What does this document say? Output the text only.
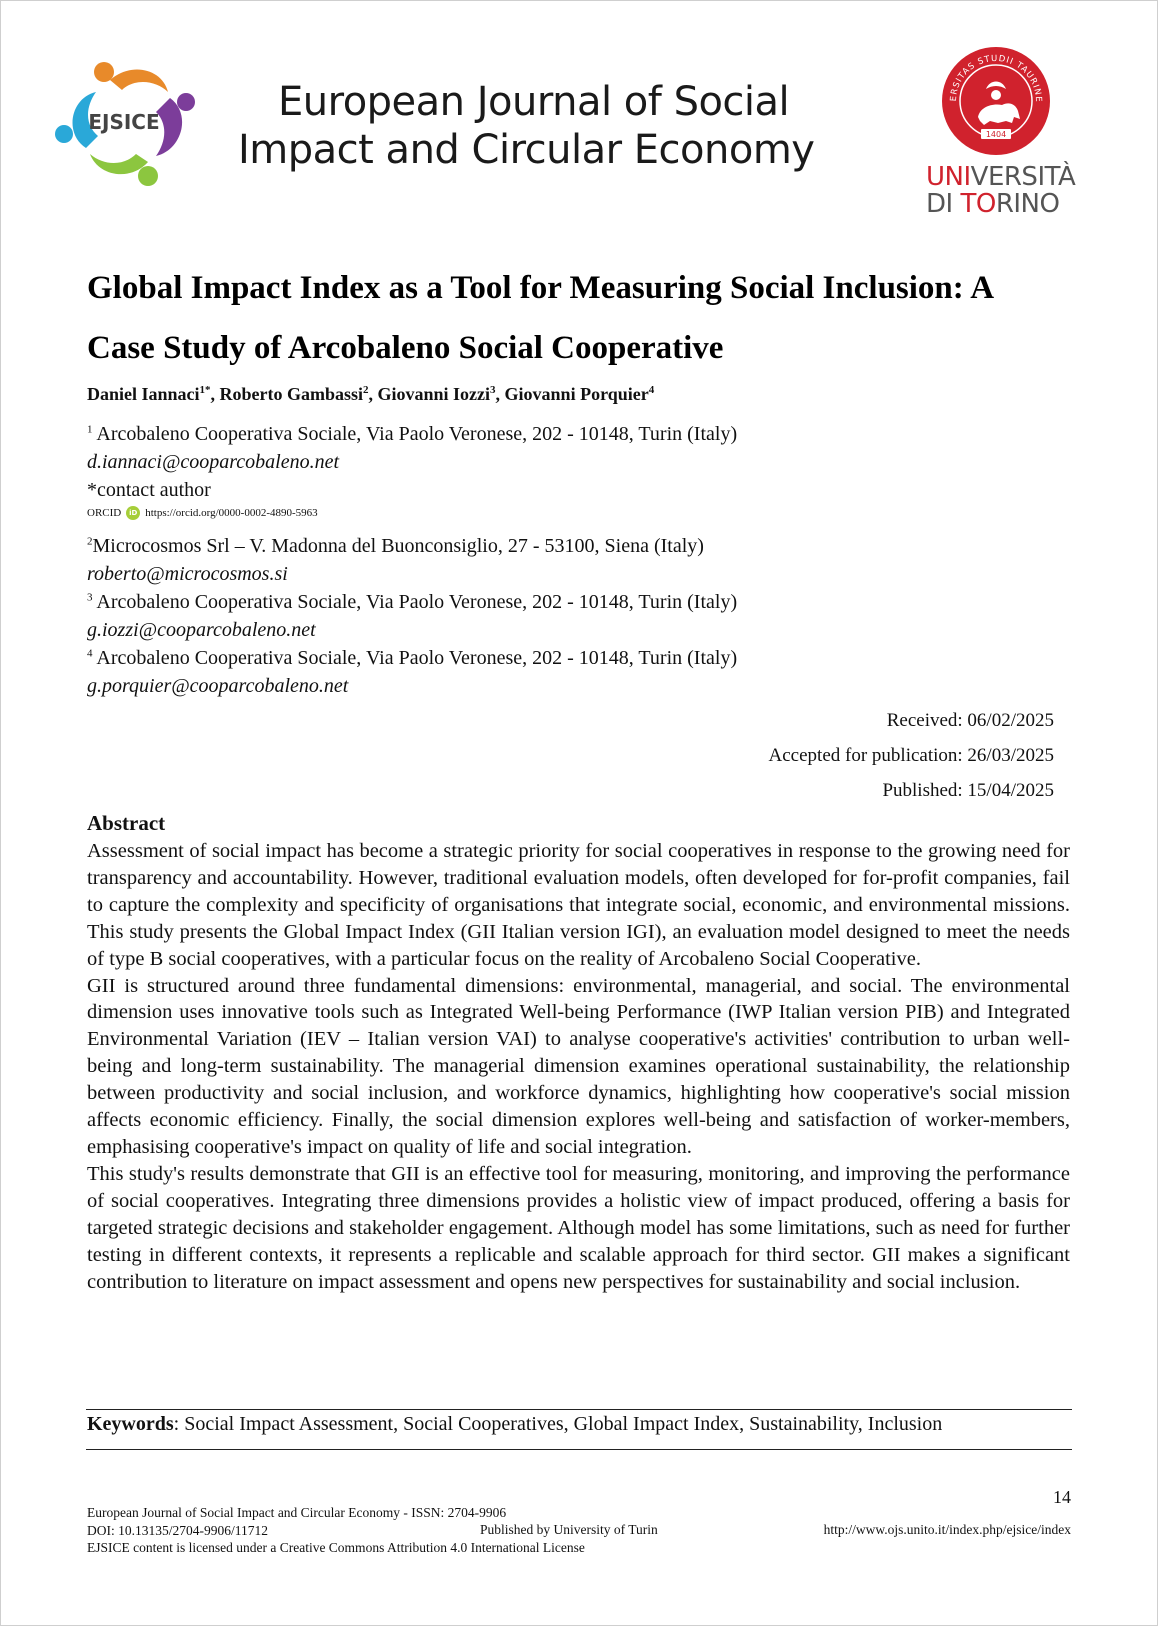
EJSICE	European Journal of Social
Impact and Circular Economy
ERSITAS STUDII TAURINE
1404
UNIVERSITÀ
DI TORINO
Global Impact Index as a Tool for Measuring Social Inclusion: A
Case Study of Arcobaleno Social Cooperative
Daniel Iannaci$^{1*}$, Roberto Gambassi$^2$, Giovanni Iozzi$^3$, Giovanni Porquier$^4$
$^1$ Arcobaleno Cooperativa Sociale, Via Paolo Veronese, 202 - 10148, Turin (Italy)
d.iannaci@cooparcobaleno.net
*contact author
ORCID	iD https://orcid.org/0000-0002-4890-5963
$^2$Microcosmos Srl – V. Madonna del Buonconsiglio, 27 - 53100, Siena (Italy)
roberto@microcosmos.si
$^3$ Arcobaleno Cooperativa Sociale, Via Paolo Veronese, 202 - 10148, Turin (Italy)
g.iozzi@cooparcobaleno.net
$^4$ Arcobaleno Cooperativa Sociale, Via Paolo Veronese, 202 - 10148, Turin (Italy)
g.porquier@cooparcobaleno.net
Received: 06/02/2025
Accepted for publication: 26/03/2025
Published: 15/04/2025
Abstract

Assessment of social impact has become a strategic priority for social cooperatives in response to the growing need for transparency and accountability. However, traditional evaluation models, often developed for for-profit companies, fail to capture the complexity and specificity of organisations that integrate social, economic, and environmental missions. This study presents the Global Impact Index (GII Italian version IGI), an evaluation model designed to meet the needs of type B social cooperatives, with a particular focus on the reality of Arcobaleno Social Cooperative.

GII is structured around three fundamental dimensions: environmental, managerial, and social. The environmental dimension uses innovative tools such as Integrated Well-being Performance (IWP Italian version PIB) and Integrated Environmental Variation (IEV – Italian version VAI) to analyse cooperative's activities' contribution to urban well-being and long-term sustainability. The managerial dimension examines operational sustainability, the relationship between productivity and social inclusion, and workforce dynamics, highlighting how cooperative's social mission affects economic efficiency. Finally, the social dimension explores well-being and satisfaction of worker-members, emphasising cooperative's impact on quality of life and social integration.

This study's results demonstrate that GII is an effective tool for measuring, monitoring, and improving the performance of social cooperatives. Integrating three dimensions provides a holistic view of impact produced, offering a basis for targeted strategic decisions and stakeholder engagement. Although model has some limitations, such as need for further testing in different contexts, it represents a replicable and scalable approach for third sector. GII makes a significant contribution to literature on impact assessment and opens new perspectives for sustainability and social inclusion.

Keywords: Social Impact Assessment, Social Cooperatives, Global Impact Index, Sustainability, Inclusion
14
European Journal of Social Impact and Circular Economy - ISSN: 2704-9906
DOI: 10.13135/2704-9906/11712
EJSICE content is licensed under a Creative Commons Attribution 4.0 International License
Published by University of Turin	http://www.ojs.unito.it/index.php/ejsice/index
